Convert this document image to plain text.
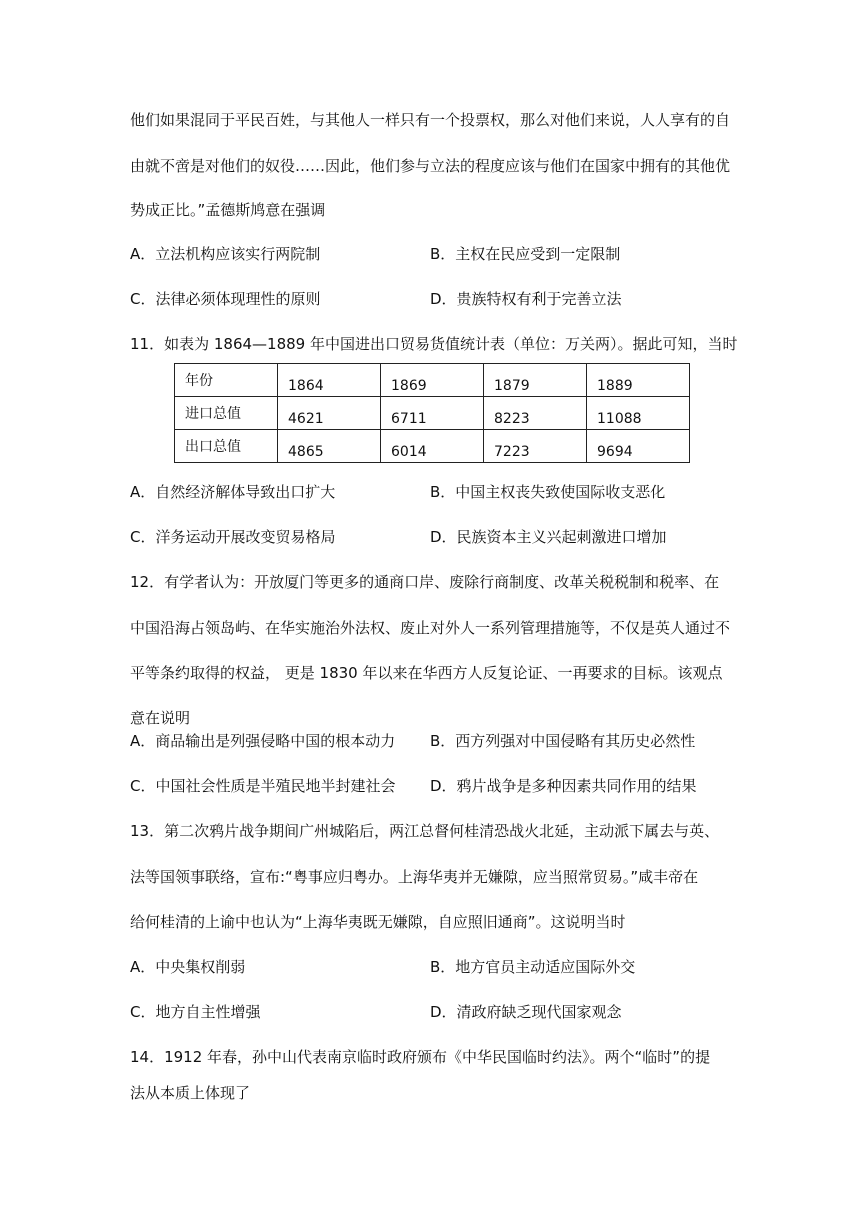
他们如果混同于平民百姓，与其他人一样只有一个投票权，那么对他们来说，人人享有的自
由就不啻是对他们的奴役……因此，他们参与立法的程度应该与他们在国家中拥有的其他优
势成正比。”孟德斯鸠意在强调
A．立法机构应该实行两院制	B．主权在民应受到一定限制
C．法律必须体现理性的原则	D．贵族特权有利于完善立法
11．如表为 1864—1889 年中国进出口贸易货值统计表（单位：万关两）。据此可知，当时
年份	1864	1869	1879	1889

进口总值	4621	6711	8223	11088

出口总值	4865	6014	7223	9694
A．自然经济解体导致出口扩大	B．中国主权丧失致使国际收支恶化
C．洋务运动开展改变贸易格局	D．民族资本主义兴起刺激进口增加
12．有学者认为：开放厦门等更多的通商口岸、废除行商制度、改革关税税制和税率、在
中国沿海占领岛屿、在华实施治外法权、废止对外人一系列管理措施等，不仅是英人通过不
平等条约取得的权益， 更是 1830 年以来在华西方人反复论证、一再要求的目标。该观点
意在说明
A．商品输出是列强侵略中国的根本动力 B．西方列强对中国侵略有其历史必然性
C．中国社会性质是半殖民地半封建社会 D．鸦片战争是多种因素共同作用的结果
13．第二次鸦片战争期间广州城陷后，两江总督何桂清恐战火北延，主动派下属去与英、
法等国领事联络，宣布:“粤事应归粤办。上海华夷并无嫌隙，应当照常贸易。”咸丰帝在
给何桂清的上谕中也认为“上海华夷既无嫌隙，自应照旧通商”。这说明当时
A．中央集权削弱	B．地方官员主动适应国际外交
C．地方自主性增强	D．清政府缺乏现代国家观念
14．1912 年春，孙中山代表南京临时政府颁布《中华民国临时约法》。两个“临时”的提
法从本质上体现了
